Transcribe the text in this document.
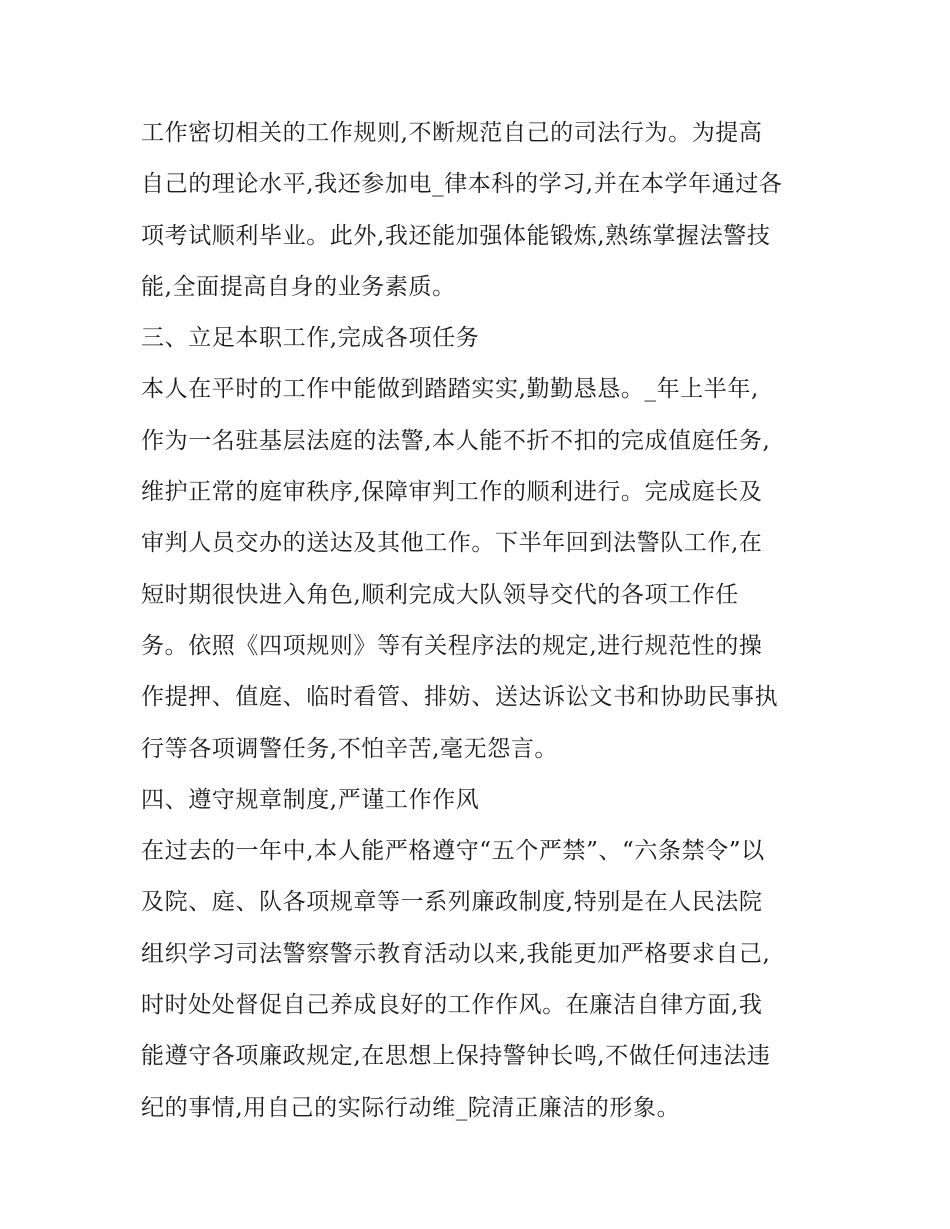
工作密切相关的工作规则,不断规范自己的司法行为。为提高
自己的理论水平,我还参加电_律本科的学习,并在本学年通过各
项考试顺利毕业。此外,我还能加强体能锻炼,熟练掌握法警技
能,全面提高自身的业务素质。
三、立足本职工作,完成各项任务
本人在平时的工作中能做到踏踏实实,勤勤恳恳。_年上半年,
作为一名驻基层法庭的法警,本人能不折不扣的完成值庭任务,
维护正常的庭审秩序,保障审判工作的顺利进行。完成庭长及
审判人员交办的送达及其他工作。下半年回到法警队工作,在
短时期很快进入角色,顺利完成大队领导交代的各项工作任
务。依照《四项规则》等有关程序法的规定,进行规范性的操
作提押、值庭、临时看管、排妨、送达诉讼文书和协助民事执
行等各项调警任务,不怕辛苦,毫无怨言。
四、遵守规章制度,严谨工作作风
在过去的一年中,本人能严格遵守“五个严禁”、“六条禁令”以
及院、庭、队各项规章等一系列廉政制度,特别是在人民法院
组织学习司法警察警示教育活动以来,我能更加严格要求自己,
时时处处督促自己养成良好的工作作风。在廉洁自律方面,我
能遵守各项廉政规定,在思想上保持警钟长鸣,不做任何违法违
纪的事情,用自己的实际行动维_院清正廉洁的形象。
